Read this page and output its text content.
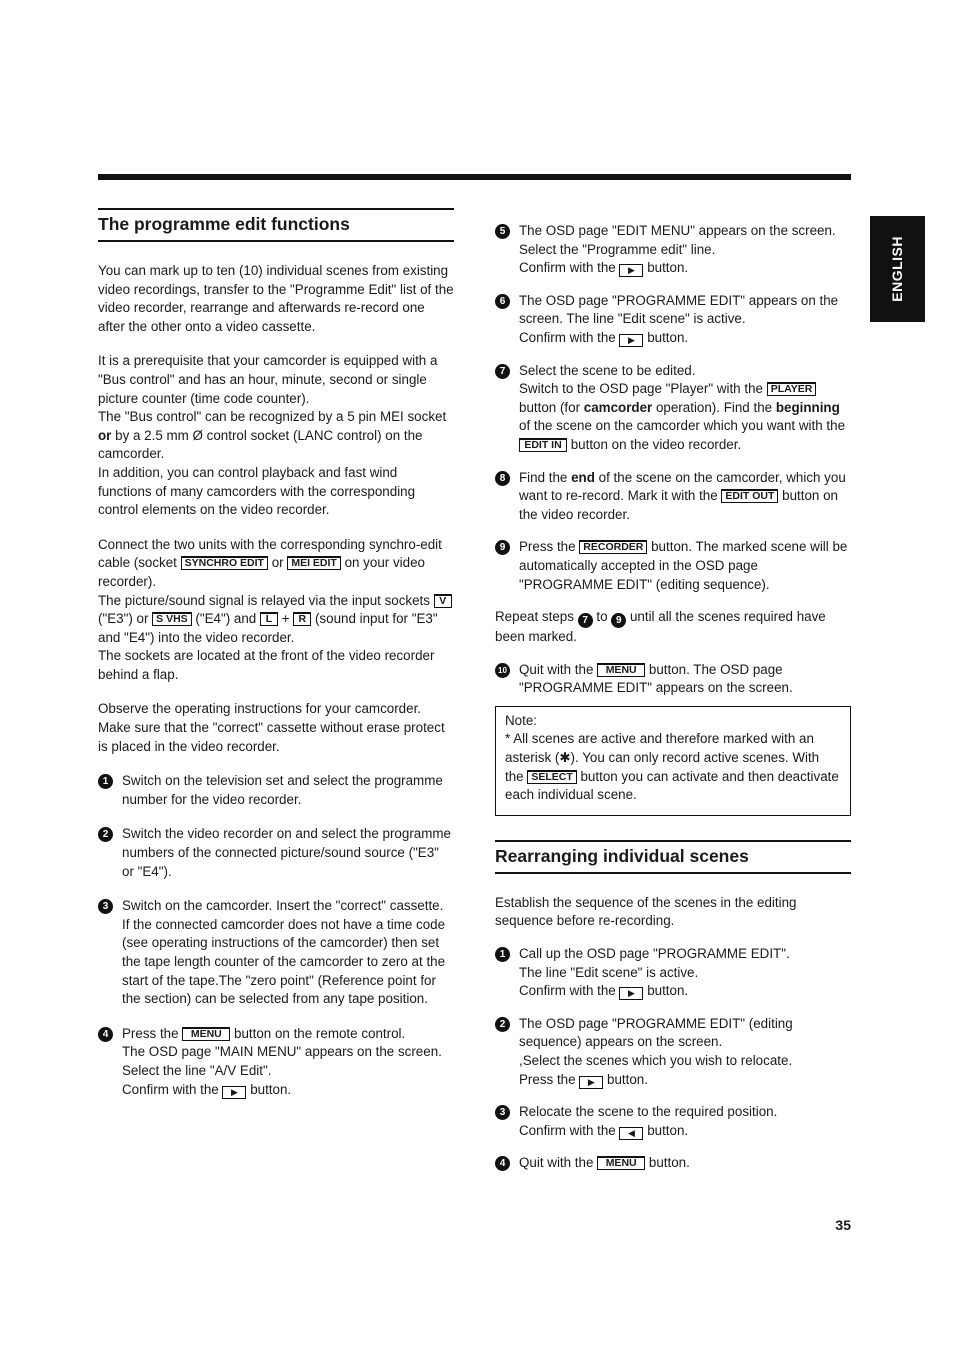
ENGLISH
The programme edit functions

You can mark up to ten (10) individual scenes from existing video recordings, transfer to the "Programme Edit" list of the video recorder, rearrange and afterwards re-record one after the other onto a video cassette.

It is a prerequisite that your camcorder is equipped with a "Bus control" and has an hour, minute, second or single picture counter (time code counter).
The "Bus control" can be recognized by a 5 pin MEI socket or by a 2.5 mm Ø control socket (LANC control) on the camcorder.
In addition, you can control playback and fast wind functions of many camcorders with the corresponding control elements on the video recorder.

Connect the two units with the corresponding synchro-edit cable (socket SYNCHRO EDIT or MEI EDIT on your video recorder).
The picture/sound signal is relayed via the input sockets V ("E3") or S VHS ("E4") and L + R (sound input for "E3" and "E4") into the video recorder.
The sockets are located at the front of the video recorder behind a flap.

Observe the operating instructions for your camcorder.
Make sure that the "correct" cassette without erase protect is placed in the video recorder.

1	Switch on the television set and select the programme number for the video recorder.

2	Switch the video recorder on and select the programme numbers of the connected picture/sound source ("E3" or "E4").

3	Switch on the camcorder. Insert the "correct" cassette. If the connected camcorder does not have a time code (see operating instructions of the camcorder) then set the tape length counter of the camcorder to zero at the start of the tape.The "zero point" (Reference point for the section) can be selected from any tape position.

4	Press the MENU button on the remote control.
The OSD page "MAIN MENU" appears on the screen. Select the line "A/V Edit".
Confirm with the ▶ button.

5	The OSD page "EDIT MENU" appears on the screen. Select the "Programme edit" line.
Confirm with the ▶ button.

6	The OSD page "PROGRAMME EDIT" appears on the screen. The line "Edit scene" is active.
Confirm with the ▶ button.

7	Select the scene to be edited.
Switch to the OSD page "Player" with the PLAYER button (for camcorder operation). Find the beginning of the scene on the camcorder which you want with the EDIT IN button on the video recorder.

8	Find the end of the scene on the camcorder, which you want to re-record. Mark it with the EDIT OUT button on the video recorder.

9	Press the RECORDER button. The marked scene will be automatically accepted in the OSD page "PROGRAMME EDIT" (editing sequence).

Repeat steps 7 to 9 until all the scenes required have been marked.

10 Quit with the MENU button. The OSD page "PROGRAMME EDIT" appears on the screen.

Note:

* All scenes are active and therefore marked with an asterisk (✱). You can only record active scenes. With the SELECT button you can activate and then deactivate each individual scene.

Rearranging individual scenes

Establish the sequence of the scenes in the editing sequence before re-recording.

1	Call up the OSD page "PROGRAMME EDIT".
The line "Edit scene" is active.
Confirm with the ▶ button.

2	The OSD page "PROGRAMME EDIT" (editing sequence) appears on the screen.
,Select the scenes which you wish to relocate.
Press the ▶ button.

3	Relocate the scene to the required position.
Confirm with the ◀ button.

4	Quit with the MENU button.

35
